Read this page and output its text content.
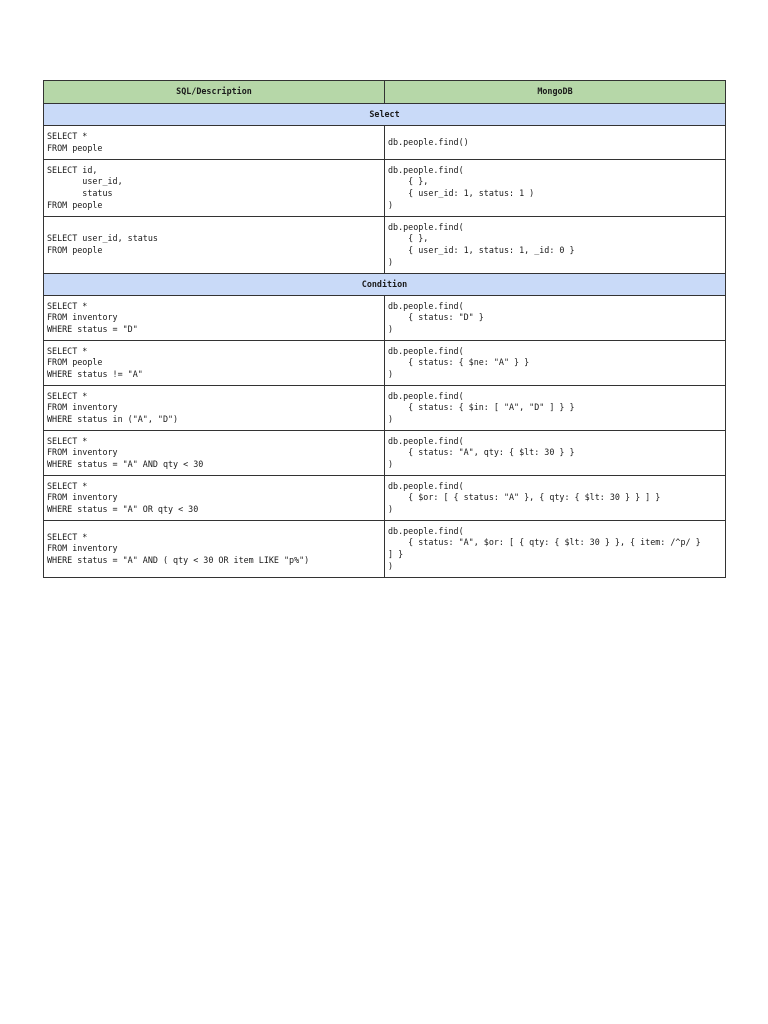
SQL/Description	MongoDB
Select	
SELECT *
FROM people	db.people.find()
SELECT id,
user_id,
status
FROM people	db.people.find(
{ },
{ user_id: 1, status: 1 )
)
SELECT user_id, status
FROM people	db.people.find(
{ },
{ user_id: 1, status: 1, _id: 0 }
)
Condition	
SELECT *
FROM inventory
WHERE status = "D"	db.people.find(
{ status: "D" }
)
SELECT *
FROM people
WHERE status != "A"	db.people.find(
{ status: { $ne: "A" } }
)
SELECT *
FROM inventory
WHERE status in ("A", "D")	db.people.find(
{ status: { $in: [ "A", "D" ] } }
)
SELECT *
FROM inventory
WHERE status = "A" AND qty < 30	db.people.find(
{ status: "A", qty: { $lt: 30 } }
)
SELECT *
FROM inventory
WHERE status = "A" OR qty < 30	db.people.find(
{ $or: [ { status: "A" }, { qty: { $lt: 30 } } ] }
)
SELECT *
FROM inventory
WHERE status = "A" AND ( qty < 30 OR item LIKE "p%")	db.people.find(
{ status: "A", $or: [ { qty: { $lt: 30 } }, { item: /^p/ }
] }
)
